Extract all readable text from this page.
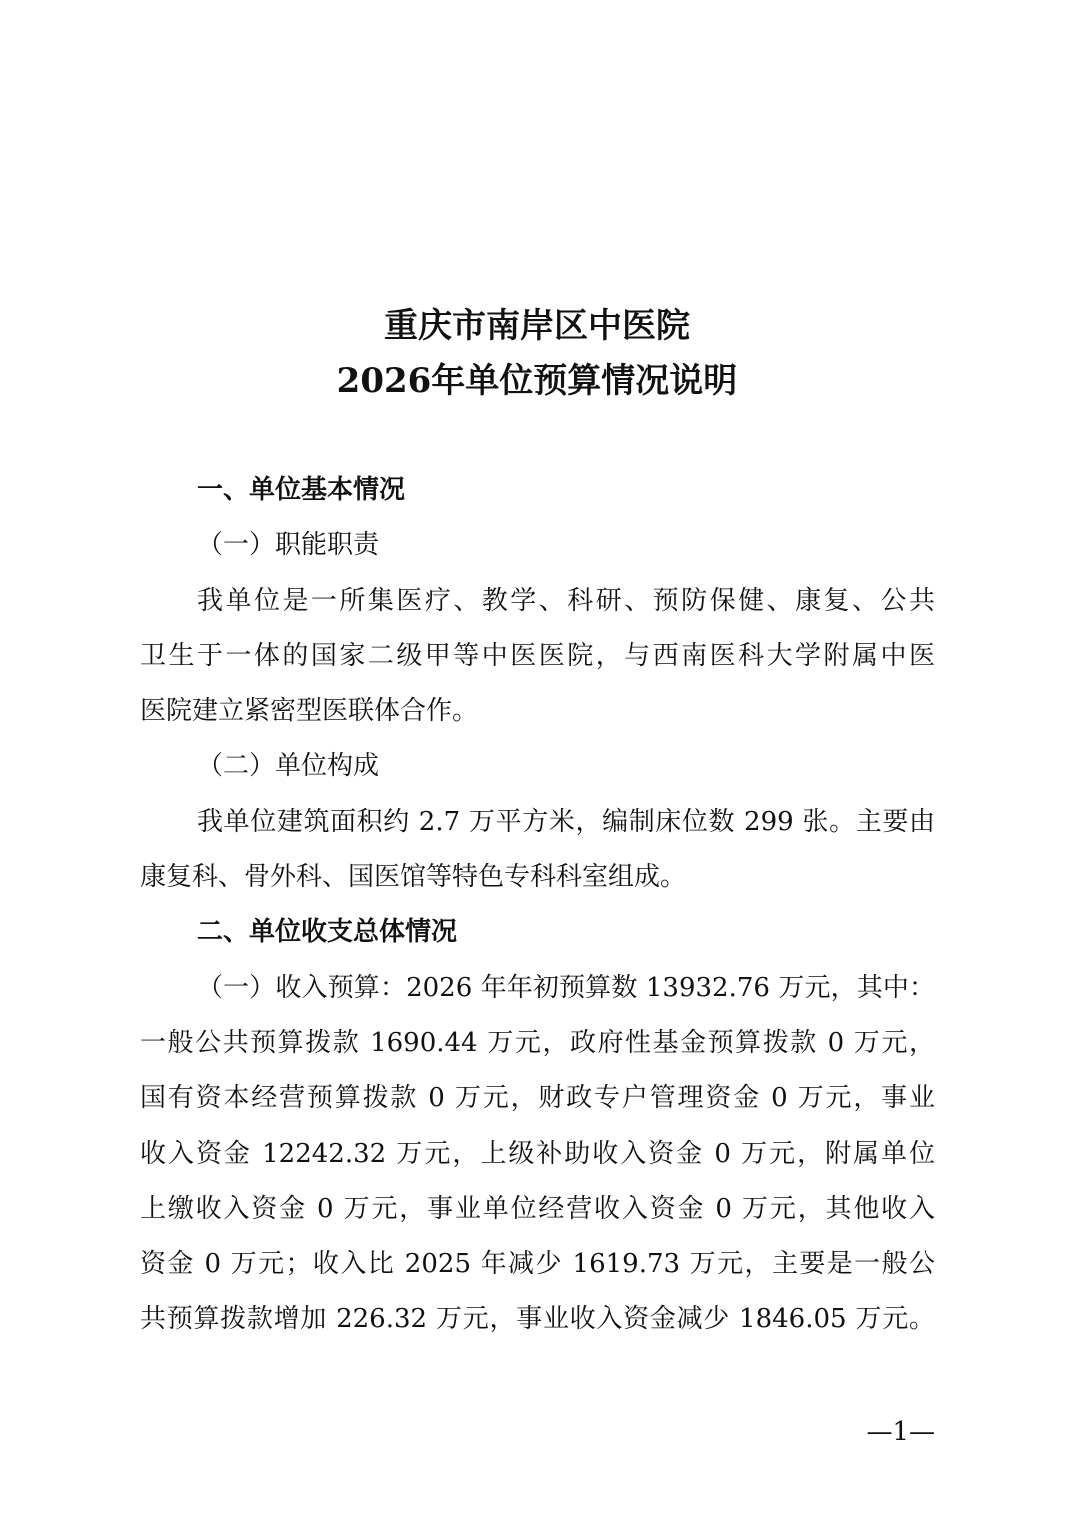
重庆市南岸区中医院
2026年单位预算情况说明
一、单位基本情况
（一）职能职责
我单位是一所集医疗、教学、科研、预防保健、康复、公共
卫生于一体的国家二级甲等中医医院，与西南医科大学附属中医
医院建立紧密型医联体合作。
（二）单位构成
我单位建筑面积约 2.7 万平方米，编制床位数 299 张。主要由
康复科、骨外科、国医馆等特色专科科室组成。
二、单位收支总体情况
（一）收入预算：2026 年年初预算数 13932.76 万元，其中：
一般公共预算拨款 1690.44 万元，政府性基金预算拨款 0 万元，
国有资本经营预算拨款 0 万元，财政专户管理资金 0 万元，事业
收入资金 12242.32 万元，上级补助收入资金 0 万元，附属单位
上缴收入资金 0 万元，事业单位经营收入资金 0 万元，其他收入
资金 0 万元；收入比 2025 年减少 1619.73 万元，主要是一般公
共预算拨款增加 226.32 万元，事业收入资金减少 1846.05 万元。
—1—
